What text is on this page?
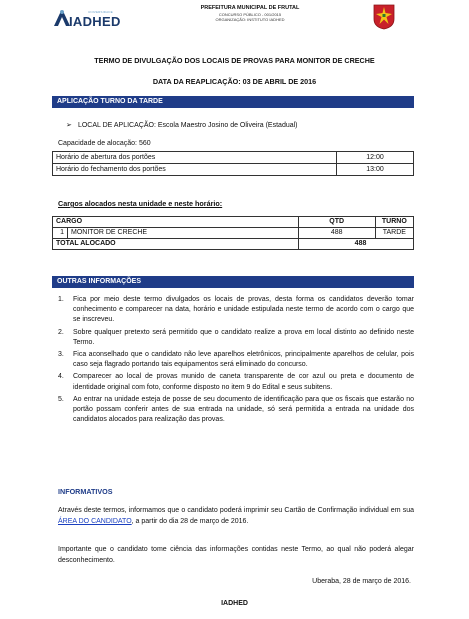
UNIVERSIDADE
IADHED
PREFEITURA MUNICIPAL DE FRUTAL
CONCURSO PÚBLICO - 001/2015
ORGANIZAÇÃO: INSTITUTO IADHED
TERMO DE DIVULGAÇÃO DOS LOCAIS DE PROVAS PARA MONITOR DE CRECHE
DATA DA REAPLICAÇÃO: 03 DE ABRIL DE 2016
APLICAÇÃO TURNO DA TARDE
➢ LOCAL DE APLICAÇÃO: Escola Maestro Josino de Oliveira (Estadual)
Capacidade de alocação: 560
Horário de abertura dos portões	12:00
Horário do fechamento dos portões	13:00
Cargos alocados nesta unidade e neste horário:
CARGO		QTD	TURNO
1	MONITOR DE CRECHE	488	TARDE
TOTAL ALOCADO		488	
OUTRAS INFORMAÇÕES
1. Fica por meio deste termo divulgados os locais de provas, desta forma os candidatos deverão tomar conhecimento e comparecer na data, horário e unidade estipulada neste termo de acordo com o cargo que se inscreveu.
2. Sobre qualquer pretexto será permitido que o candidato realize a prova em local distinto ao definido neste Termo.
3. Fica aconselhado que o candidato não leve aparelhos eletrônicos, principalmente aparelhos de celular, pois caso seja flagrado portando tais equipamentos será eliminado do concurso.
4. Comparecer ao local de provas munido de caneta transparente de cor azul ou preta e documento de identidade original com foto, conforme disposto no item 9 do Edital e seus subitens.
5. Ao entrar na unidade esteja de posse de seu documento de identificação para que os fiscais que estarão no portão possam conferir antes de sua entrada na unidade, só será permitida a entrada na unidade dos candidatos alocados para realização das provas.
INFORMATIVOS
Através deste termos, informamos que o candidato poderá imprimir seu Cartão de Confirmação individual em sua ÁREA DO CANDIDATO, a partir do dia 28 de março de 2016.
Importante que o candidato tome ciência das informações contidas neste Termo, ao qual não poderá alegar desconhecimento.
Uberaba, 28 de março de 2016.
IADHED
